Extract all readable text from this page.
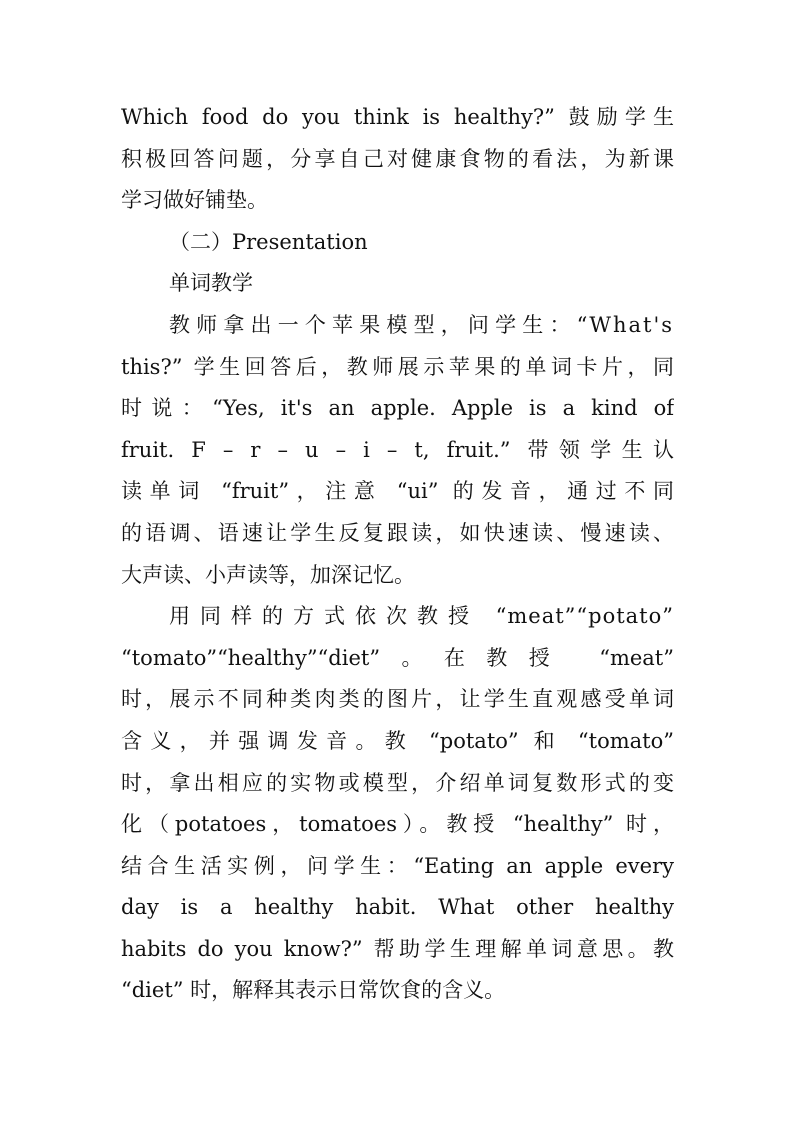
Which food do you think is healthy?” 鼓励学生
积极回答问题，分享自己对健康食物的看法，为新课
学习做好铺垫。
（二）Presentation
单词教学
教师拿出一个苹果模型，问学生：“What's
this?” 学生回答后，教师展示苹果的单词卡片，同
时说：“Yes, it's an apple. Apple is a kind of
fruit. F – r – u – i – t, fruit.” 带领学生认
读单词 “fruit”，注意 “ui” 的发音，通过不同
的语调、语速让学生反复跟读，如快速读、慢速读、
大声读、小声读等，加深记忆。
用同样的方式依次教授 “meat”“potato”
“tomato”“healthy”“diet”。在教授 “meat”
时，展示不同种类肉类的图片，让学生直观感受单词
含义，并强调发音。教 “potato” 和 “tomato”
时，拿出相应的实物或模型，介绍单词复数形式的变
化（potatoes，tomatoes）。教授 “healthy” 时，
结合生活实例，问学生：“Eating an apple every
day is a healthy habit. What other healthy
habits do you know?” 帮助学生理解单词意思。教
“diet” 时，解释其表示日常饮食的含义。
